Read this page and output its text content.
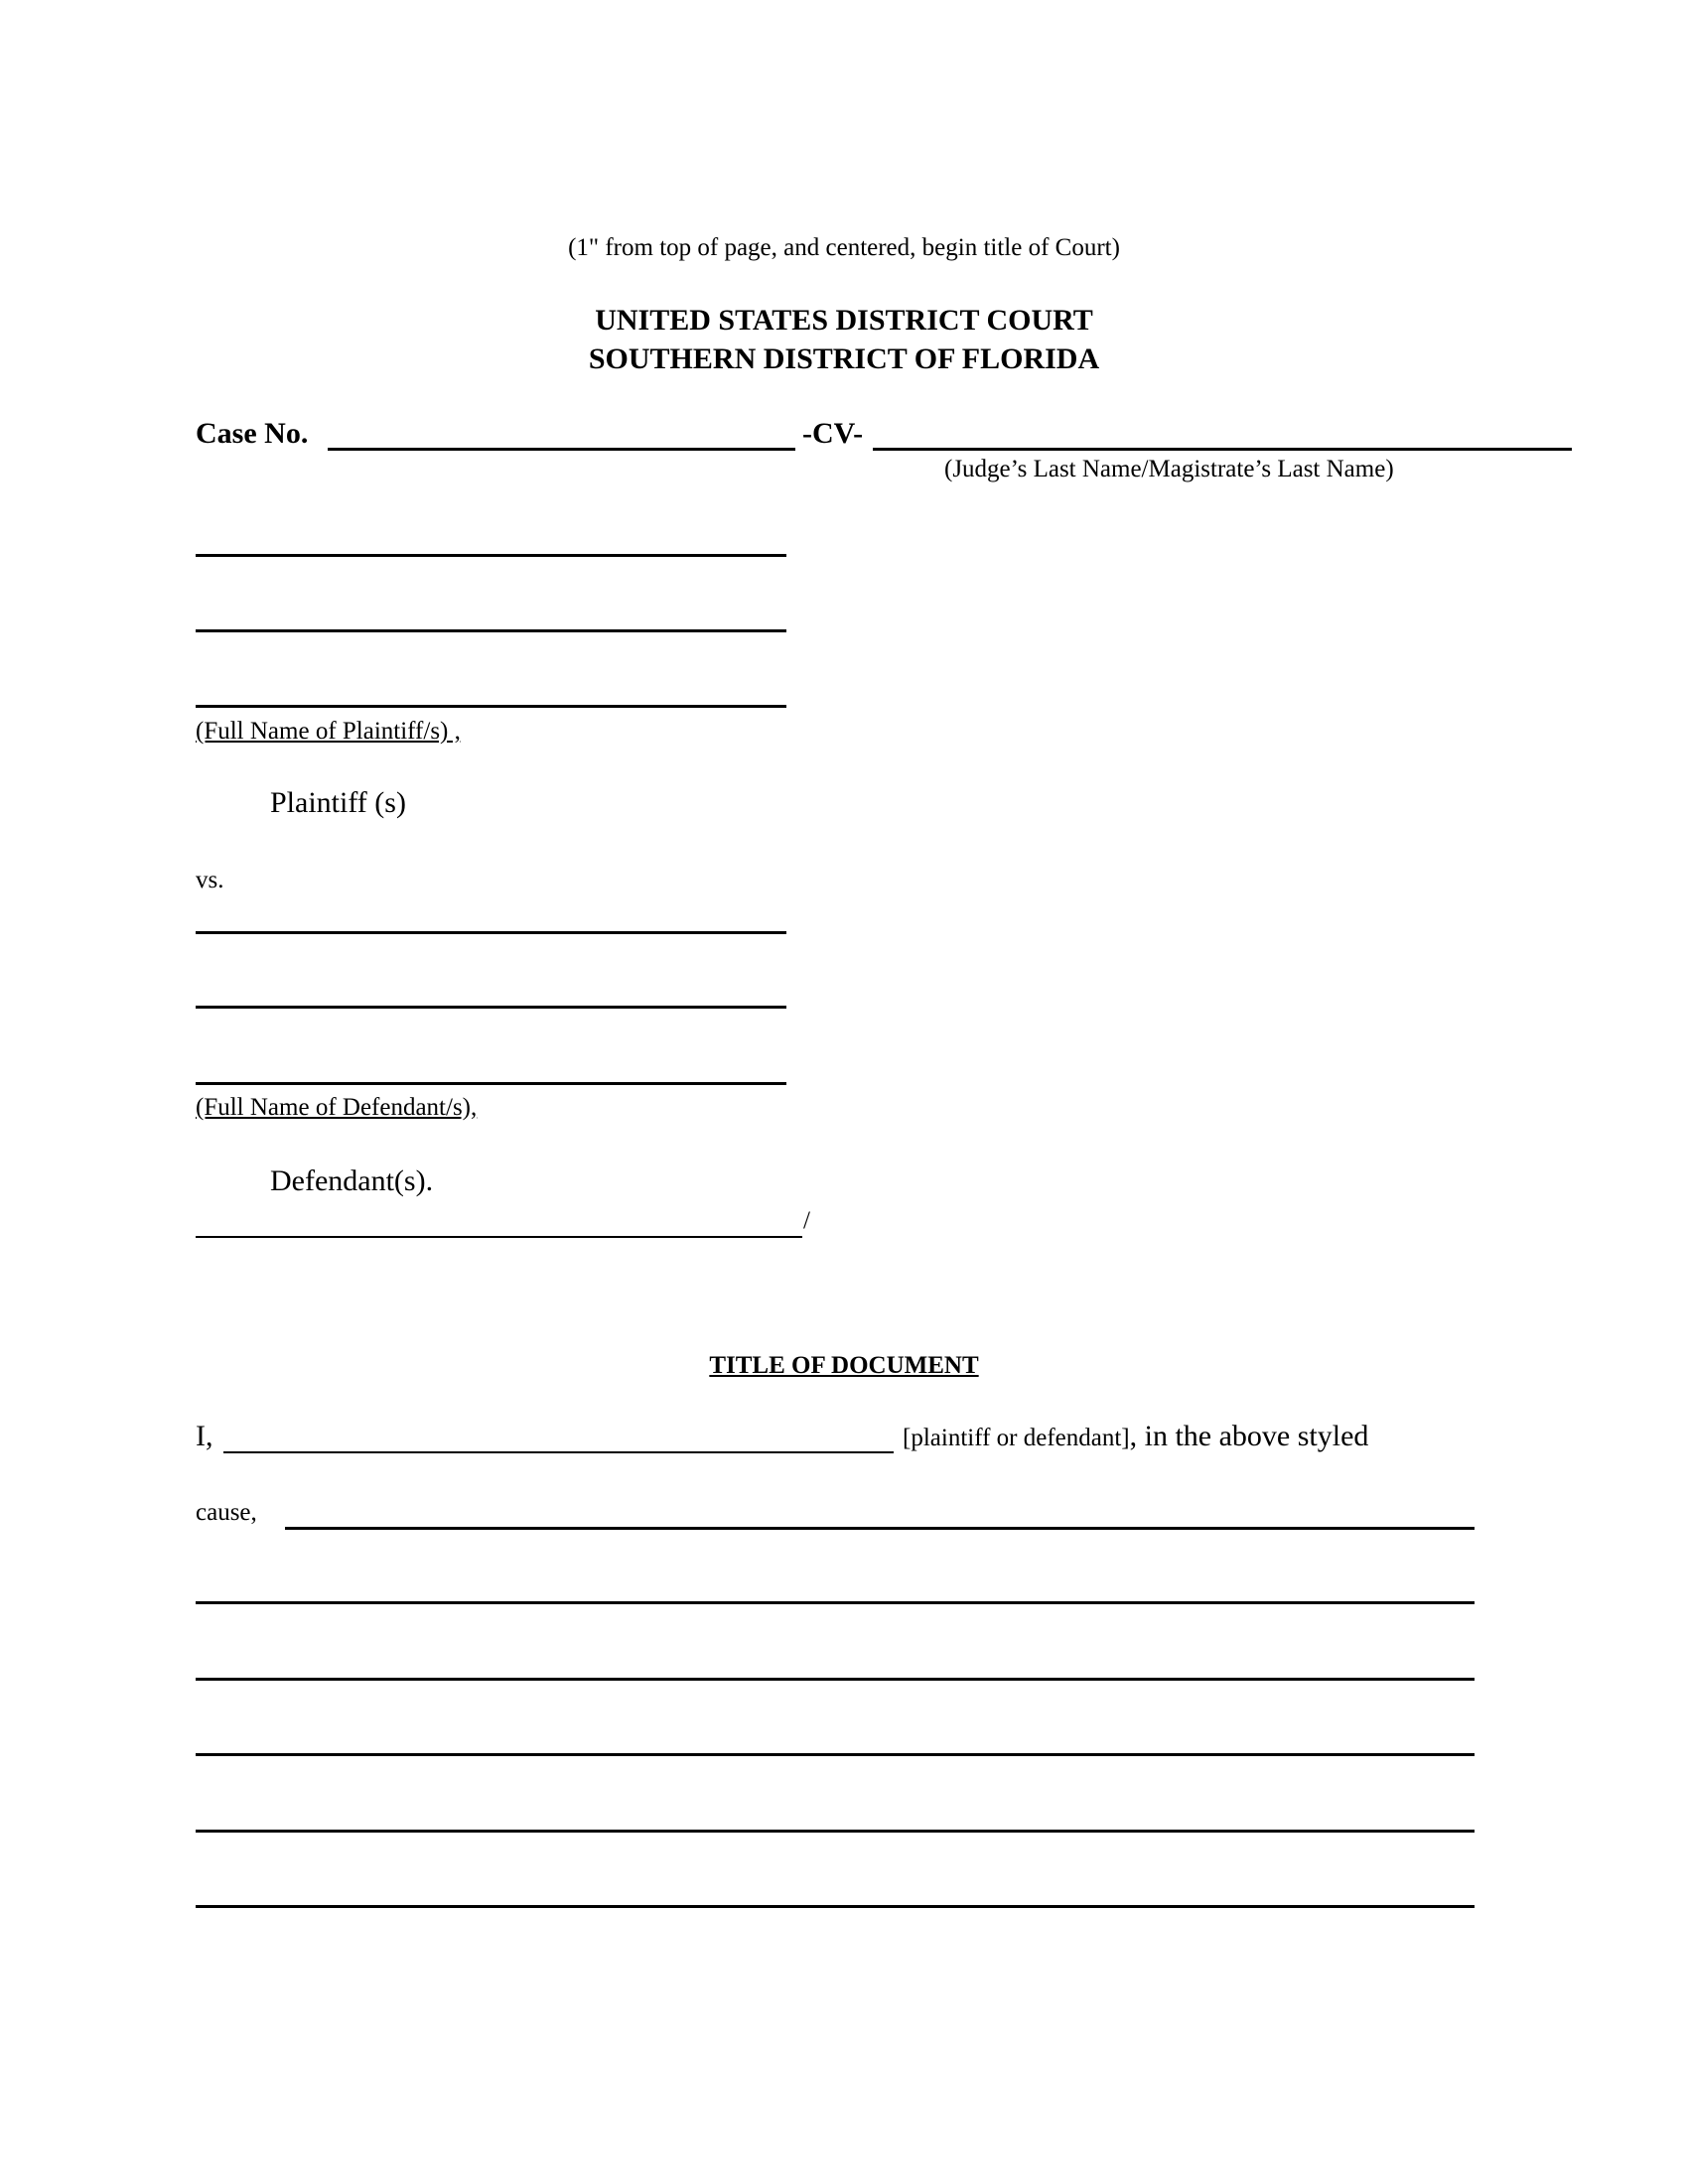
(1" from top of page, and centered, begin title of Court)
UNITED STATES DISTRICT COURT
SOUTHERN DISTRICT OF FLORIDA
Case No.	-CV-
(Judge’s Last Name/Magistrate’s Last Name)
(Full Name of Plaintiff/s) ,
Plaintiff (s)
vs.
(Full Name of Defendant/s),
Defendant(s).
/
TITLE OF DOCUMENT
I,	[plaintiff or defendant], in the above styled
cause,
